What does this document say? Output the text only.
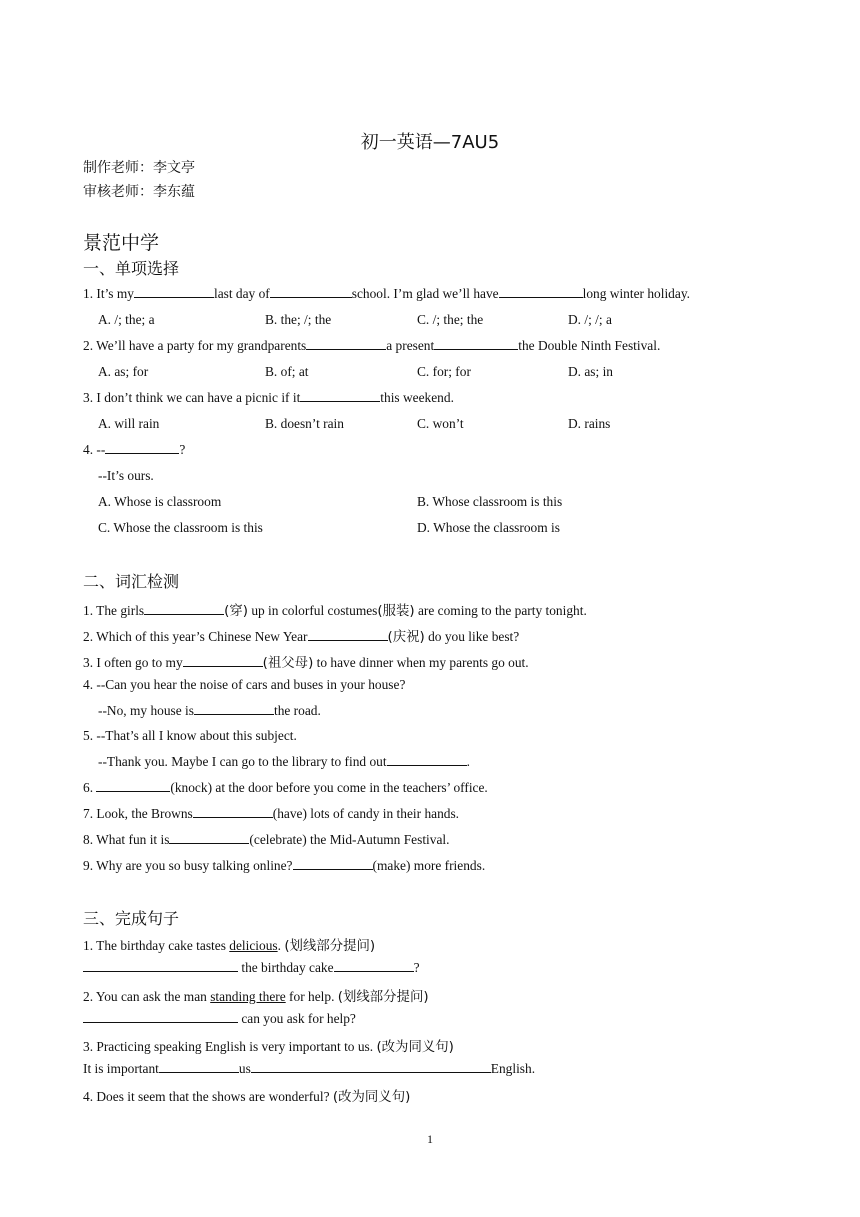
初一英语—7AU5
制作老师：李文亭
审核老师：李东蕴
景范中学
一、单项选择
1. It’s my	last day of	school. I’m glad we’ll have	long winter holiday.
A. /; the; a	B. the; /; the	C. /; the; the	D. /; /; a
2. We’ll have a party for my grandparents	a present	the Double Ninth Festival.
A. as; for	B. of; at	C. for; for	D. as; in
3. I don’t think we can have a picnic if it	this weekend.
A. will rain	B. doesn’t rain	C. won’t	D. rains
4. --	?
--It’s ours.
A. Whose is classroom	B. Whose classroom is this
C. Whose the classroom is this	D. Whose the classroom is
二、词汇检测
1. The girls	(穿) up in colorful costumes(服装) are coming to the party tonight.
2. Which of this year’s Chinese New Year	(庆祝) do you like best?
3. I often go to my	(祖父母) to have dinner when my parents go out.
4. --Can you hear the noise of cars and buses in your house?
--No, my house is	the road.
5. --That’s all I know about this subject.
--Thank you. Maybe I can go to the library to find out	.
6.	(knock) at the door before you come in the teachers’ office.
7. Look, the Browns	(have) lots of candy in their hands.
8. What fun it is	(celebrate) the Mid-Autumn Festival.
9. Why are you so busy talking online?	(make) more friends.
三、完成句子
1. The birthday cake tastes delicious. (划线部分提问)
the birthday cake	?
2. You can ask the man standing there for help. (划线部分提问)
can you ask for help?
3. Practicing speaking English is very important to us. (改为同义句)
It is important	us	English.
4. Does it seem that the shows are wonderful? (改为同义句)
1
